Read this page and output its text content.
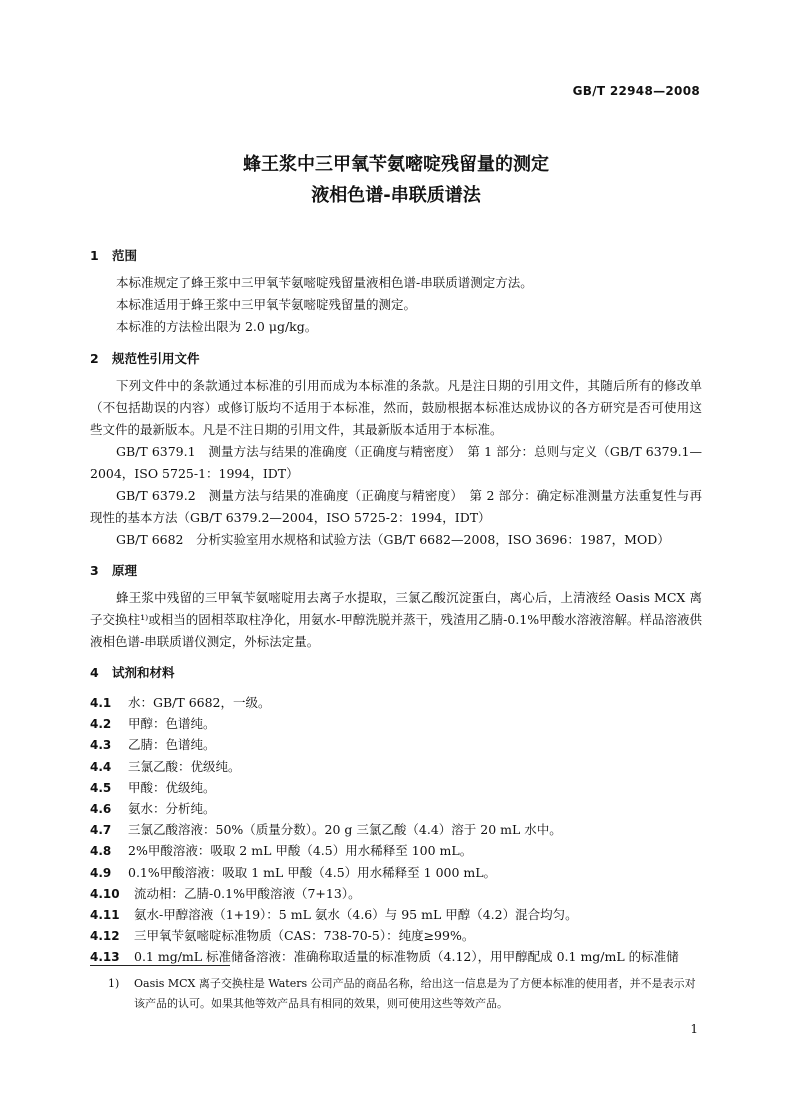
GB/T 22948—2008
蜂王浆中三甲氧苄氨嘧啶残留量的测定
液相色谱-串联质谱法
1 范围
本标准规定了蜂王浆中三甲氧苄氨嘧啶残留量液相色谱-串联质谱测定方法。
本标准适用于蜂王浆中三甲氧苄氨嘧啶残留量的测定。
本标准的方法检出限为 2.0 μg/kg。
2 规范性引用文件
下列文件中的条款通过本标准的引用而成为本标准的条款。凡是注日期的引用文件，其随后所有的修改单（不包括勘误的内容）或修订版均不适用于本标准，然而，鼓励根据本标准达成协议的各方研究是否可使用这些文件的最新版本。凡是不注日期的引用文件，其最新版本适用于本标准。
GB/T 6379.1　测量方法与结果的准确度（正确度与精密度）　第 1 部分：总则与定义（GB/T 6379.1—2004，ISO 5725-1：1994，IDT）
GB/T 6379.2　测量方法与结果的准确度（正确度与精密度）　第 2 部分：确定标准测量方法重复性与再现性的基本方法（GB/T 6379.2—2004，ISO 5725-2：1994，IDT）
GB/T 6682　分析实验室用水规格和试验方法（GB/T 6682—2008，ISO 3696：1987，MOD）
3 原理
蜂王浆中残留的三甲氧苄氨嘧啶用去离子水提取，三氯乙酸沉淀蛋白，离心后，上清液经 Oasis MCX 离子交换柱¹⁾或相当的固相萃取柱净化，用氨水-甲醇洗脱并蒸干，残渣用乙腈-0.1%甲酸水溶液溶解。样品溶液供液相色谱-串联质谱仪测定，外标法定量。
4 试剂和材料
4.1 水：GB/T 6682，一级。
4.2 甲醇：色谱纯。
4.3 乙腈：色谱纯。
4.4 三氯乙酸：优级纯。
4.5 甲酸：优级纯。
4.6 氨水：分析纯。
4.7 三氯乙酸溶液：50%（质量分数）。20 g 三氯乙酸（4.4）溶于 20 mL 水中。
4.8 2%甲酸溶液：吸取 2 mL 甲酸（4.5）用水稀释至 100 mL。
4.9 0.1%甲酸溶液：吸取 1 mL 甲酸（4.5）用水稀释至 1 000 mL。
4.10 流动相：乙腈-0.1%甲酸溶液（7+13）。
4.11 氨水-甲醇溶液（1+19）：5 mL 氨水（4.6）与 95 mL 甲醇（4.2）混合均匀。
4.12 三甲氧苄氨嘧啶标准物质（CAS：738-70-5）：纯度≥99%。
4.13 0.1 mg/mL 标准储备溶液：准确称取适量的标准物质（4.12），用甲醇配成 0.1 mg/mL 的标准储
1)	Oasis MCX 离子交换柱是 Waters 公司产品的商品名称，给出这一信息是为了方便本标准的使用者，并不是表示对该产品的认可。如果其他等效产品具有相同的效果，则可使用这些等效产品。
1
